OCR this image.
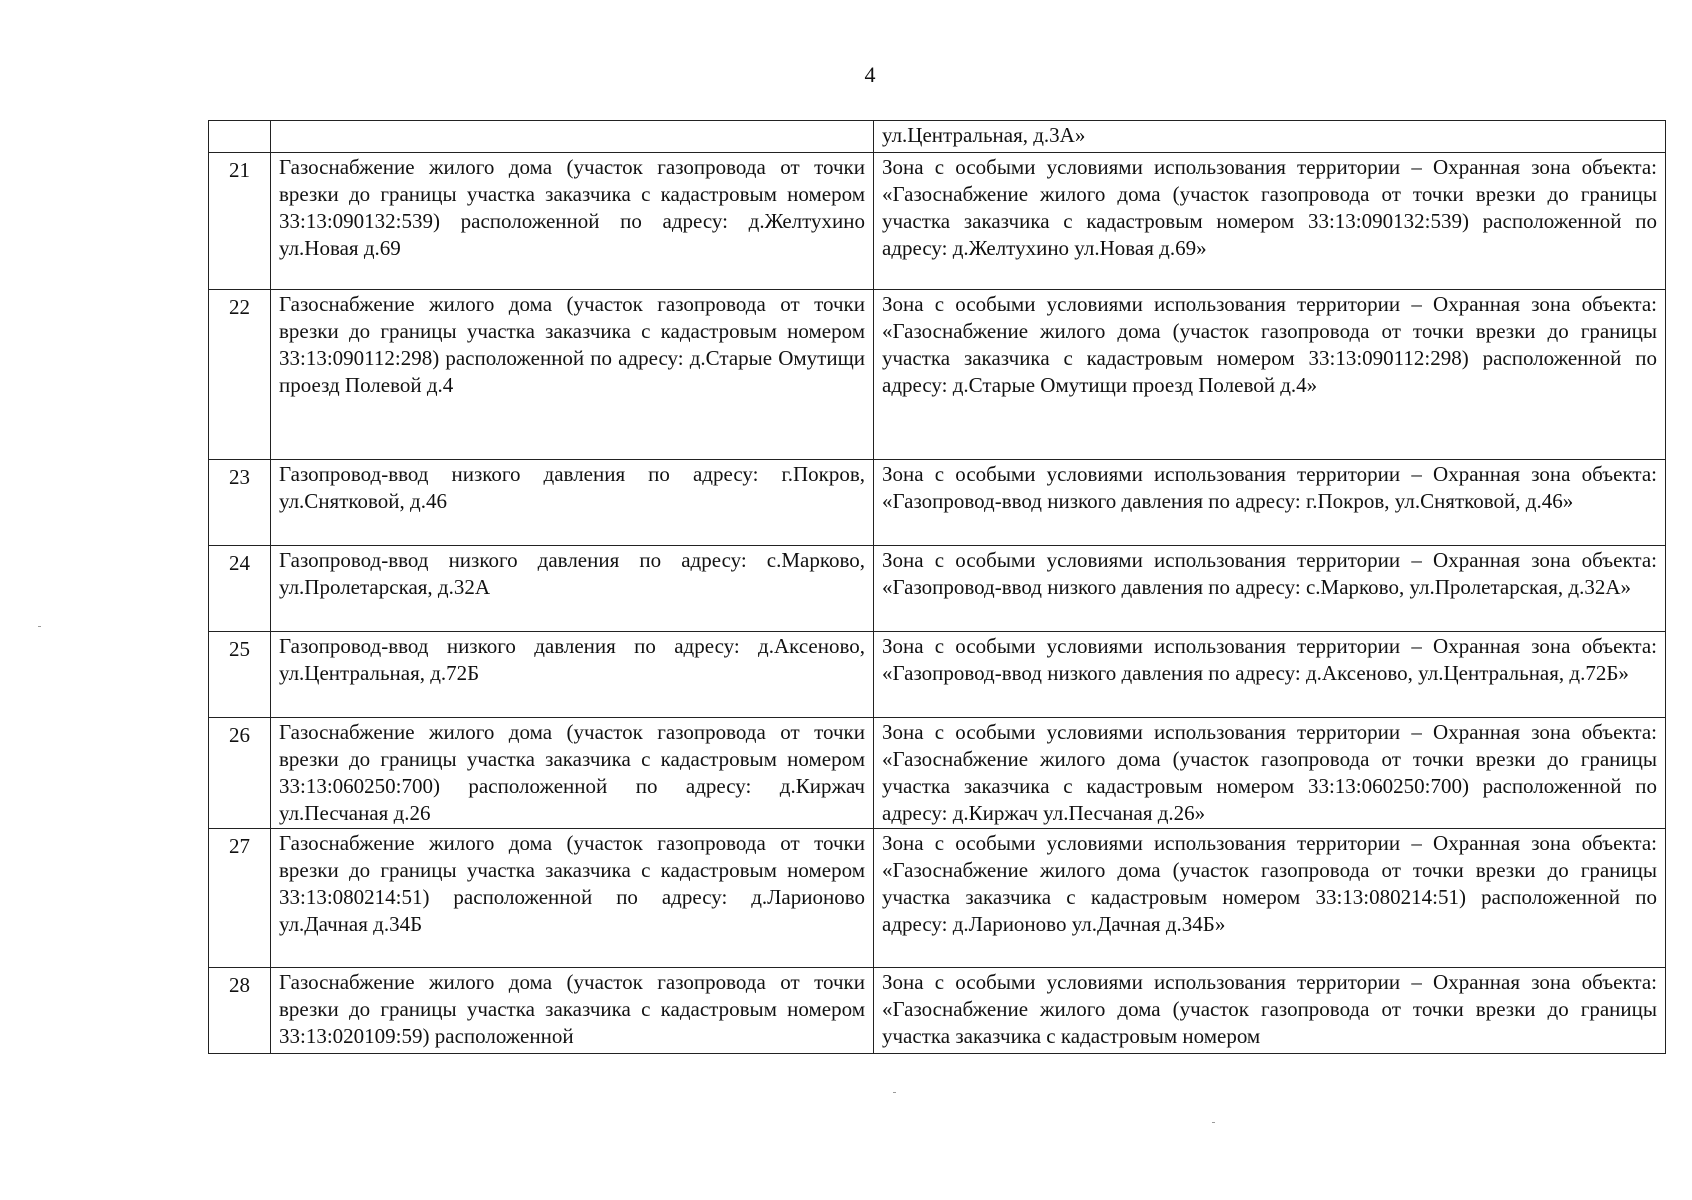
4
		ул.Центральная, д.3А»
21	Газоснабжение жилого дома (участок газопровода от точки врезки до границы участка заказчика с кадастровым номером 33:13:090132:539) расположенной по адресу: д.Желтухино ул.Новая д.69	Зона с особыми условиями использования территории – Охранная зона объекта: «Газоснабжение жилого дома (участок газопровода от точки врезки до границы участка заказчика с кадастровым номером 33:13:090132:539) расположенной по адресу: д.Желтухино ул.Новая д.69»
22	Газоснабжение жилого дома (участок газопровода от точки врезки до границы участка заказчика с кадастровым номером 33:13:090112:298) расположенной по адресу: д.Старые Омутищи проезд Полевой д.4	Зона с особыми условиями использования территории – Охранная зона объекта: «Газоснабжение жилого дома (участок газопровода от точки врезки до границы участка заказчика с кадастровым номером 33:13:090112:298) расположенной по адресу: д.Старые Омутищи проезд Полевой д.4»
23	Газопровод-ввод низкого давления по адресу: г.Покров, ул.Снятковой, д.46	Зона с особыми условиями использования территории – Охранная зона объекта: «Газопровод-ввод низкого давления по адресу: г.Покров, ул.Снятковой, д.46»
24	Газопровод-ввод низкого давления по адресу: с.Марково, ул.Пролетарская, д.32А	Зона с особыми условиями использования территории – Охранная зона объекта: «Газопровод-ввод низкого давления по адресу: с.Марково, ул.Пролетарская, д.32А»
25	Газопровод-ввод низкого давления по адресу: д.Аксеново, ул.Центральная, д.72Б	Зона с особыми условиями использования территории – Охранная зона объекта: «Газопровод-ввод низкого давления по адресу: д.Аксеново, ул.Центральная, д.72Б»
26	Газоснабжение жилого дома (участок газопровода от точки врезки до границы участка заказчика с кадастровым номером 33:13:060250:700) расположенной по адресу: д.Киржач ул.Песчаная д.26	Зона с особыми условиями использования территории – Охранная зона объекта: «Газоснабжение жилого дома (участок газопровода от точки врезки до границы участка заказчика с кадастровым номером 33:13:060250:700) расположенной по адресу: д.Киржач ул.Песчаная д.26»
27	Газоснабжение жилого дома (участок газопровода от точки врезки до границы участка заказчика с кадастровым номером 33:13:080214:51) расположенной по адресу: д.Ларионово ул.Дачная д.34Б	Зона с особыми условиями использования территории – Охранная зона объекта: «Газоснабжение жилого дома (участок газопровода от точки врезки до границы участка заказчика с кадастровым номером 33:13:080214:51) расположенной по адресу: д.Ларионово ул.Дачная д.34Б»
28	Газоснабжение жилого дома (участок газопровода от точки врезки до границы участка заказчика с кадастровым номером 33:13:020109:59) расположенной	Зона с особыми условиями использования территории – Охранная зона объекта: «Газоснабжение жилого дома (участок газопровода от точки врезки до границы участка заказчика с кадастровым номером
